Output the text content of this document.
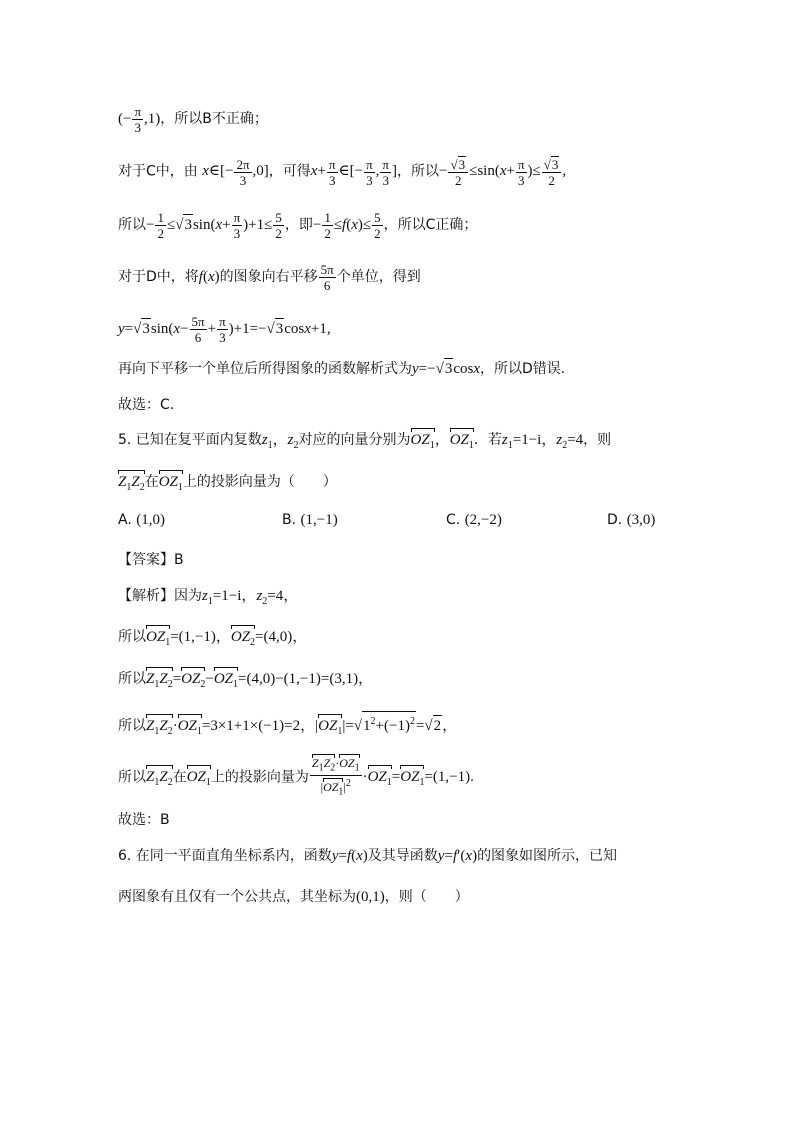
(− $\frac{\pi}{3} ,1$)，所以B不正确；
对于C中，由 x∈[− $\frac{2\pi}{3} ,0$]，可得$x+ \frac{\pi}{3}$ ∈[− $\frac{\pi}{3}$ , $\frac{\pi}{3}$ ]，所以− $\frac{√3}{2} \le\sin(x+ \frac{\pi}{3}$ )≤ $\frac{√3}{2}$ ,
所以− $\frac{1}{2} \le√3\sin(x+ \frac{\pi}{3} )+1\le \frac{5}{2}$ ，即− $\frac{1}{2} \le f(x)\le \frac{5}{2}$ ，所以C正确；
对于D中，将f(x)的图象向右平移 $\frac{5\pi}{6}$ 个单位，得到
$y=√3\sin(x- \frac{5\pi}{6} + \frac{\pi}{3} )+1=-√3\cos x+1$,
再向下平移一个单位后所得图象的函数解析式为y=−√3cosx，所以D错误.
故选：C.
5. 已知在复平面内复数$z_1$，$z_2$对应的向量分别为$OZ_1$，$OZ_1$．若$z_1=1-i$，$z_2=4$，则
$Z_1Z_2$在$OZ_1$上的投影向量为（　　）
A. (1,0)	B. (1,−1)	C. (2,−2)	D. (3,0)
【答案】B
【解析】因为$z_1=1-i$，$z_2=4$，
所以$OZ_1=(1,-1)$，$OZ_2=(4,0)$，
所以$Z_1Z_2=OZ_2-OZ_1=(4,0)-(1,-1)=(3,1)$，
所以$Z_1Z_2\cdot OZ_1=3\times 1+1\times(-1)=2$，$|OZ_1|=√1^2+(-1)^2=√2$，
所以$Z_1Z_2$在$OZ_1$上的投影向量为 $\frac{Z_1Z_2\cdot OZ_1}{|OZ_1|^2} \cdot OZ_1=OZ_1=(1,-1)$.
故选：B
6. 在同一平面直角坐标系内，函数y=f(x)及其导函数y=f′(x)的图象如图所示，已知
两图象有且仅有一个公共点，其坐标为(0,1)，则（　　）
